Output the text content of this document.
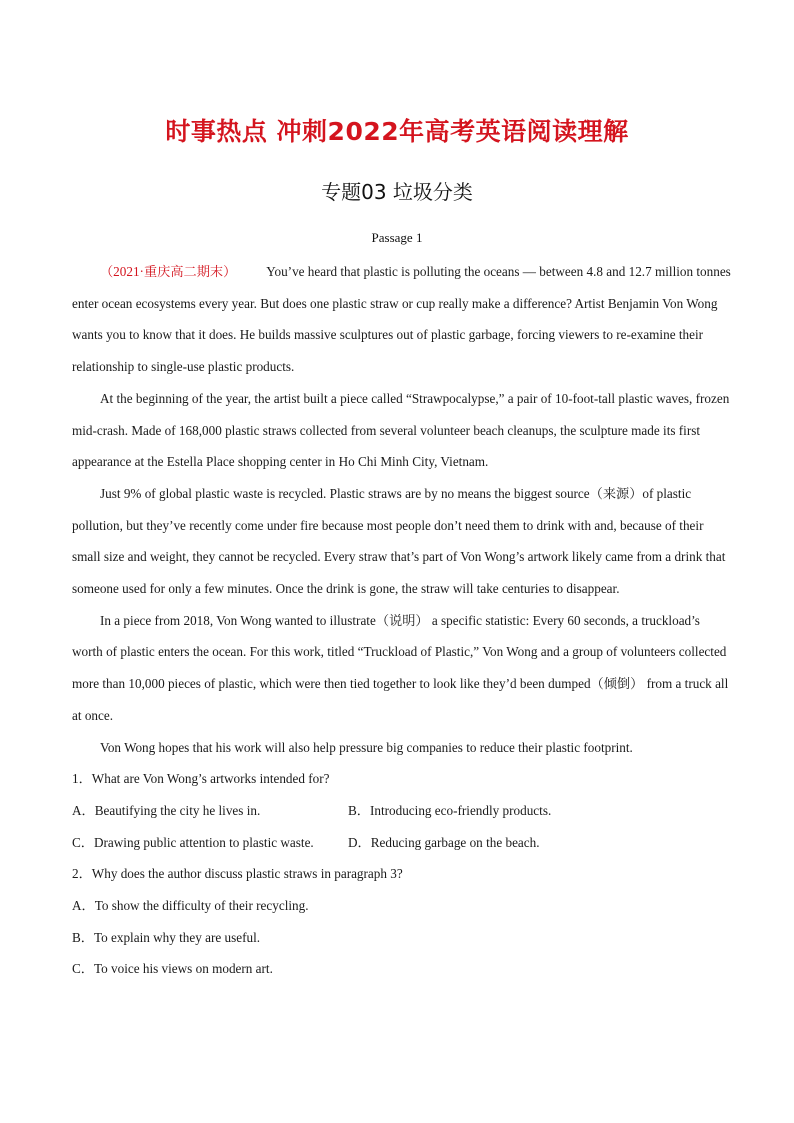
时事热点 冲刺2022年高考英语阅读理解
专题03 垃圾分类
Passage 1

（2021·重庆高二期末） You’ve heard that plastic is polluting the oceans — between 4.8 and 12.7 million tonnes enter ocean ecosystems every year. But does one plastic straw or cup really make a difference? Artist Benjamin Von Wong wants you to know that it does. He builds massive sculptures out of plastic garbage, forcing viewers to re-examine their relationship to single-use plastic products.

At the beginning of the year, the artist built a piece called “Strawpocalypse,” a pair of 10-foot-tall plastic waves, frozen mid-crash. Made of 168,000 plastic straws collected from several volunteer beach cleanups, the sculpture made its first appearance at the Estella Place shopping center in Ho Chi Minh City, Vietnam.

Just 9% of global plastic waste is recycled. Plastic straws are by no means the biggest source（来源）of plastic pollution, but they’ve recently come under fire because most people don’t need them to drink with and, because of their small size and weight, they cannot be recycled. Every straw that’s part of Von Wong’s artwork likely came from a drink that someone used for only a few minutes. Once the drink is gone, the straw will take centuries to disappear.

In a piece from 2018, Von Wong wanted to illustrate（说明） a specific statistic: Every 60 seconds, a truckload’s worth of plastic enters the ocean. For this work, titled “Truckload of Plastic,” Von Wong and a group of volunteers collected more than 10,000 pieces of plastic, which were then tied together to look like they’d been dumped（倾倒） from a truck all at once.

Von Wong hopes that his work will also help pressure big companies to reduce their plastic footprint.

1．What are Von Wong’s artworks intended for?

A．Beautifying the city he lives in.	B．Introducing eco-friendly products.

C．Drawing public attention to plastic waste.	D．Reducing garbage on the beach.

2．Why does the author discuss plastic straws in paragraph 3?

A．To show the difficulty of their recycling.

B．To explain why they are useful.

C．To voice his views on modern art.
